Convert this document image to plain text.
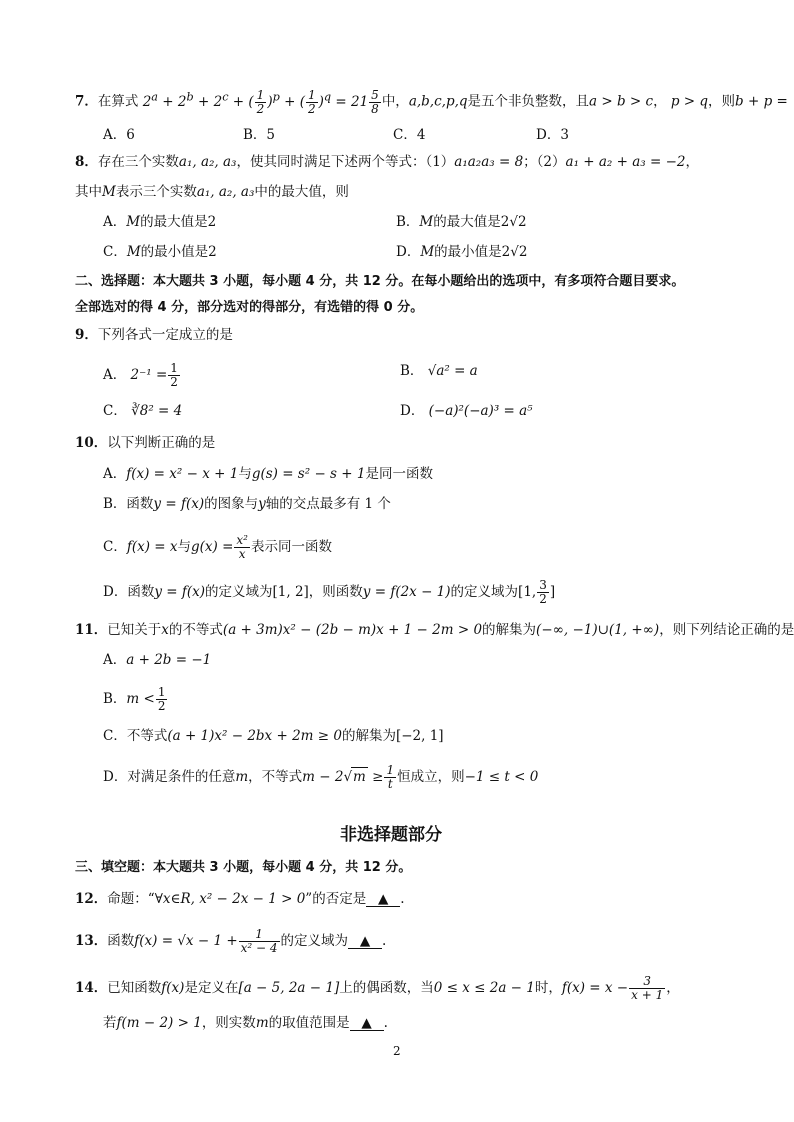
7．在算式 $2^a + 2^b + 2^c$ + ( $\frac{1}{2} )^p$ + ( $\frac{1}{2} )^q = 21 \frac{5}{8}$ 中，a,b,c,p,q是五个非负整数，且a > b > c， p > q，则b + p =
A．6	B．5	C．4	D．3
8．存在三个实数a₁, a₂, a₃，使其同时满足下述两个等式：（1）a₁a₂a₃ = 8；（2）a₁ + a₂ + a₃ = −2，
其中M表示三个实数a₁, a₂, a₃中的最大值，则
A．M的最大值是2	B．M的最大值是2√2
C．M的最小值是2	D．M的最小值是2√2
二、选择题：本大题共 3 小题，每小题 4 分，共 12 分。在每小题给出的选项中，有多项符合题目要求。
全部选对的得 4 分，部分选对的得部分，有选错的得 0 分。
9．下列各式一定成立的是
A． $2^{-1} = \frac{1}{2}$	B． √a² = a
C． ∛8² = 4	D． (−a)²(−a)³ = a⁵
10．以下判断正确的是
A．f(x) = x² − x + 1与g(s) = s² − s + 1是同一函数
B．函数y = f(x)的图象与y轴的交点最多有 1 个
C．f(x) = x与$g(x) = \frac{\text{x²}}{x}$ 表示同一函数
D．函数y = f(x)的定义域为[1, 2]，则函数y = f(2x − 1)的定义域为[1, $\frac{3}{2}$ ]
11．已知关于x的不等式(a + 3m)x² − (2b − m)x + 1 − 2m > 0的解集为(−∞, −1)∪(1, +∞)，则下列结论正确的是
A．a + 2b = −1
B．$m < \frac{1}{2}$
C．不等式(a + 1)x² − 2bx + 2m ≥ 0的解集为[−2, 1]
D．对满足条件的任意m，不等式$m - 2√m \ge \frac{1}{t}$ 恒成立，则−1 ≤ t < 0
非选择题部分
三、填空题：本大题共 3 小题，每小题 4 分，共 12 分。
12．命题：“∀x∈R, x² − 2x − 1 > 0”的否定是 ▲ .
13．函数$f(x) = √x - 1 + \frac{1}{\text{x² − 4}}$ 的定义域为 ▲ .
14．已知函数f(x)是定义在[a − 5, 2a − 1]上的偶函数，当0 ≤ x ≤ 2a − 1时，$f(x) = x - \frac{3}{x + 1}$ ，
若f(m − 2) > 1，则实数m的取值范围是 ▲ .
2
